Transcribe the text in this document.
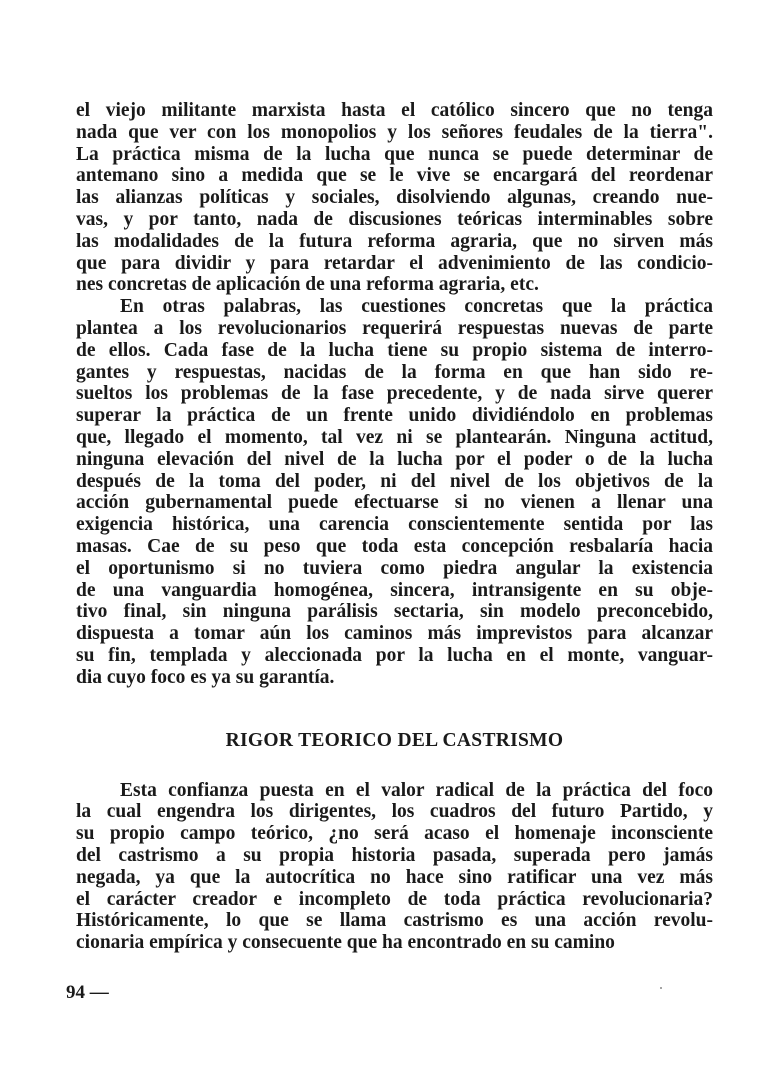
el viejo militante marxista hasta el católico sincero que no tenga
nada que ver con los monopolios y los señores feudales de la tierra".
La práctica misma de la lucha que nunca se puede determinar de
antemano sino a medida que se le vive se encargará del reordenar
las alianzas políticas y sociales, disolviendo algunas, creando nue-
vas, y por tanto, nada de discusiones teóricas interminables sobre
las modalidades de la futura reforma agraria, que no sirven más
que para dividir y para retardar el advenimiento de las condicio-
nes concretas de aplicación de una reforma agraria, etc.
En otras palabras, las cuestiones concretas que la práctica
plantea a los revolucionarios requerirá respuestas nuevas de parte
de ellos. Cada fase de la lucha tiene su propio sistema de interro-
gantes y respuestas, nacidas de la forma en que han sido re-
sueltos los problemas de la fase precedente, y de nada sirve querer
superar la práctica de un frente unido dividiéndolo en problemas
que, llegado el momento, tal vez ni se plantearán. Ninguna actitud,
ninguna elevación del nivel de la lucha por el poder o de la lucha
después de la toma del poder, ni del nivel de los objetivos de la
acción gubernamental puede efectuarse si no vienen a llenar una
exigencia histórica, una carencia conscientemente sentida por las
masas. Cae de su peso que toda esta concepción resbalaría hacia
el oportunismo si no tuviera como piedra angular la existencia
de una vanguardia homogénea, sincera, intransigente en su obje-
tivo final, sin ninguna parálisis sectaria, sin modelo preconcebido,
dispuesta a tomar aún los caminos más imprevistos para alcanzar
su fin, templada y aleccionada por la lucha en el monte, vanguar-
dia cuyo foco es ya su garantía.
RIGOR TEORICO DEL CASTRISMO
Esta confianza puesta en el valor radical de la práctica del foco
la cual engendra los dirigentes, los cuadros del futuro Partido, y
su propio campo teórico, ¿no será acaso el homenaje inconsciente
del castrismo a su propia historia pasada, superada pero jamás
negada, ya que la autocrítica no hace sino ratificar una vez más
el carácter creador e incompleto de toda práctica revolucionaria?
Históricamente, lo que se llama castrismo es una acción revolu-
cionaria empírica y consecuente que ha encontrado en su camino
94 —
